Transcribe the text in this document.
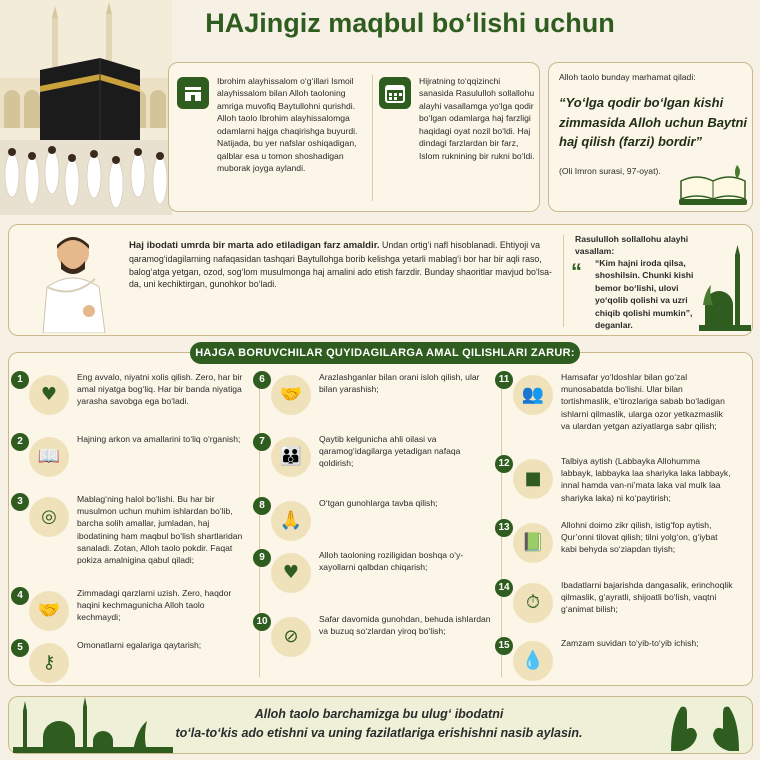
HAJingiz maqbul bo‘lishi uchun
Ibrohim alayhissalom o‘g‘illari Ismoil alayhissalom bilan Alloh taoloning amriga muvofiq Baytullohni qurishdi. Alloh taolo Ibrohim alayhissalomga odamlarni hajga chaqirishga buyurdi. Natijada, bu yer nafslar oshiqadigan, qalblar esa u tomon shoshadigan muborak joyga aylandi.
Hijratning to‘qqizinchi sanasida Rasululloh sollallohu alayhi vasallamga yo‘lga qodir bo‘lgan odamlarga haj farzligi haqidagi oyat nozil bo‘ldi. Haj dindagi farzlardan bir farz, Islom ruknining bir rukni bo‘ldi.
Alloh taolo bunday marhamat qiladi:
“Yo‘lga qodir bo‘lgan kishi zimmasida Alloh uchun Baytni haj qilish (farzi) bordir”
(Oli Imron surasi, 97-oyat).
Haj ibodati umrda bir marta ado etiladigan farz amaldir. Undan ortig‘i nafl hisoblanadi. Ehtiyoji va qaramog‘idagilarning nafaqasidan tashqari Baytullohga borib kelishga yetarli mablag‘i bor har bir aqli raso, balog‘atga yetgan, ozod, sog‘lom musulmonga haj amalini ado etish farzdir. Bunday shaoritlar mavjud bo‘lsa-da, uni kechiktirgan, gunohkor bo‘ladi.
Rasululloh sollallohu alayhi vasallam:
“ “Kim hajni iroda qilsa, shoshilsin. Chunki kishi bemor bo‘lishi, ulovi yo‘qolib qolishi va uzri chiqib qolishi mumkin”,
deganlar.
1
♥
Eng avvalo, niyatni xolis qilish. Zero, har bir amal niyatga bog‘liq. Har bir banda niyatiga yarasha savobga ega bo‘ladi.
2
📖
Hajning arkon va amallarini to‘liq o‘rganish;
3
◎
Mablag‘ning halol bo‘lishi. Bu har bir musulmon uchun muhim ishlardan bo‘lib, barcha solih amallar, jumladan, haj ibodatining ham maqbul bo‘lish shartlaridan sanaladi. Zotan, Alloh taolo pokdir. Faqat pokiza amalnigina qabul qiladi;
4
🤝
Zimmadagi qarzlarni uzish. Zero, haqdor haqini kechmagunicha Alloh taolo kechmaydi;
5
⚷
Omonatlarni egalariga qaytarish;
6
🤝
Arazlashganlar bilan orani isloh qilish, ular bilan yarashish;
7
👪
Qaytib kelgunicha ahli oilasi va qaramog‘idagilarga yetadigan nafaqa qoldirish;
8
🙏
O‘tgan gunohlarga tavba qilish;
9
♥
Alloh taoloning roziligidan boshqa o‘y-xayollarni qalbdan chiqarish;
10
⊘
Safar davomida gunohdan, behuda ishlardan va buzuq so‘zlardan yiroq bo‘lish;
11
👥
Hamsafar yo‘ldoshlar bilan go‘zal munosabatda bo‘lishi. Ular bilan tortishmaslik, e’tirozlariga sabab bo‘ladigan ishlarni qilmaslik, ularga ozor yetkazmaslik va ulardan yetgan aziyatlarga sabr qilish;
12
■
Talbiya aytish (Labbayka Allohumma labbayk, labbayka laa shariyka laka labbayk, innal hamda van-ni’mata laka val mulk laa shariyka laka) ni ko‘paytirish;
13
📗
Allohni doimo zikr qilish, istig‘fop aytish, Qur’onni tilovat qilish; tilni yolg‘on, g‘iybat kabi behyda so‘ziapdan tiyish;
14
⏱
Ibadatlarni bajarishda dangasalik, erinchoqlik qilmaslik, g‘ayratli, shijoatli bo‘lish, vaqtni g‘animat bilish;
15
💧
Zamzam suvidan to‘yib-to‘yib ichish;
HAJGA BORUVCHILAR QUYIDAGILARGA AMAL QILISHLARI ZARUR:
Alloh taolo barchamizga bu ulug‘ ibodatni
to‘la-to‘kis ado etishni va uning fazilatlariga erishishni nasib aylasin.
